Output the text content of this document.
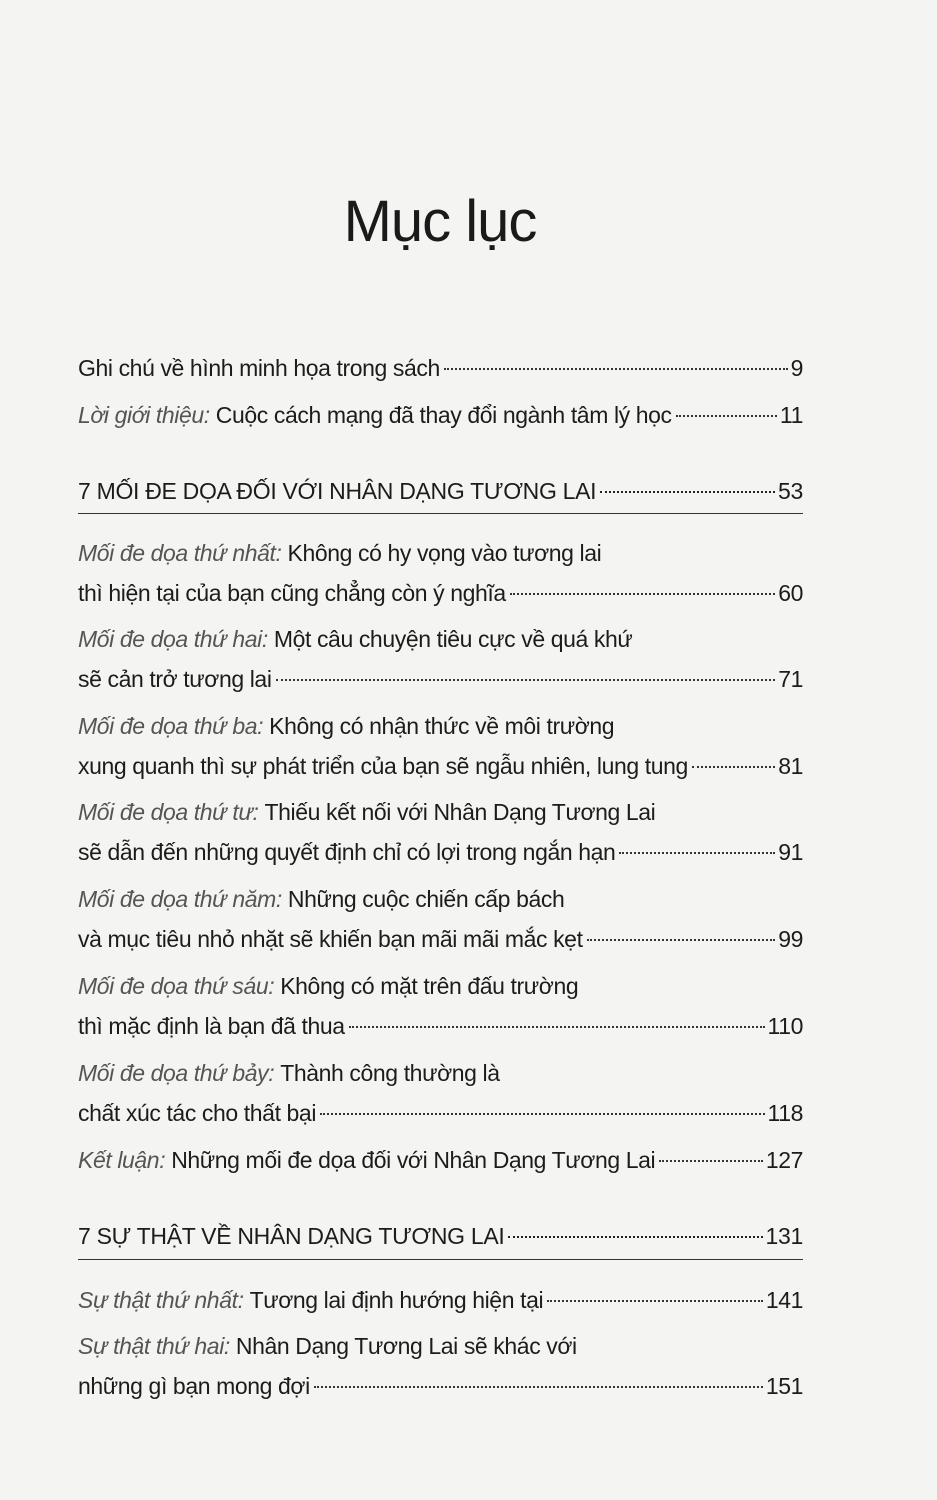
Mục lục
Ghi chú về hình minh họa trong sách	9
Lời giới thiệu: Cuộc cách mạng đã thay đổi ngành tâm lý học	11
7 MỐI ĐE DỌA ĐỐI VỚI NHÂN DẠNG TƯƠNG LAI	53
Mối đe dọa thứ nhất: Không có hy vọng vào tương lai
thì hiện tại của bạn cũng chẳng còn ý nghĩa	60
Mối đe dọa thứ hai: Một câu chuyện tiêu cực về quá khứ
sẽ cản trở tương lai	71
Mối đe dọa thứ ba: Không có nhận thức về môi trường
xung quanh thì sự phát triển của bạn sẽ ngẫu nhiên, lung tung	81
Mối đe dọa thứ tư: Thiếu kết nối với Nhân Dạng Tương Lai
sẽ dẫn đến những quyết định chỉ có lợi trong ngắn hạn	91
Mối đe dọa thứ năm: Những cuộc chiến cấp bách
và mục tiêu nhỏ nhặt sẽ khiến bạn mãi mãi mắc kẹt	99
Mối đe dọa thứ sáu: Không có mặt trên đấu trường
thì mặc định là bạn đã thua	110
Mối đe dọa thứ bảy: Thành công thường là
chất xúc tác cho thất bại	118
Kết luận: Những mối đe dọa đối với Nhân Dạng Tương Lai	127
7 SỰ THẬT VỀ NHÂN DẠNG TƯƠNG LAI	131
Sự thật thứ nhất: Tương lai định hướng hiện tại	141
Sự thật thứ hai: Nhân Dạng Tương Lai sẽ khác với
những gì bạn mong đợi	151
